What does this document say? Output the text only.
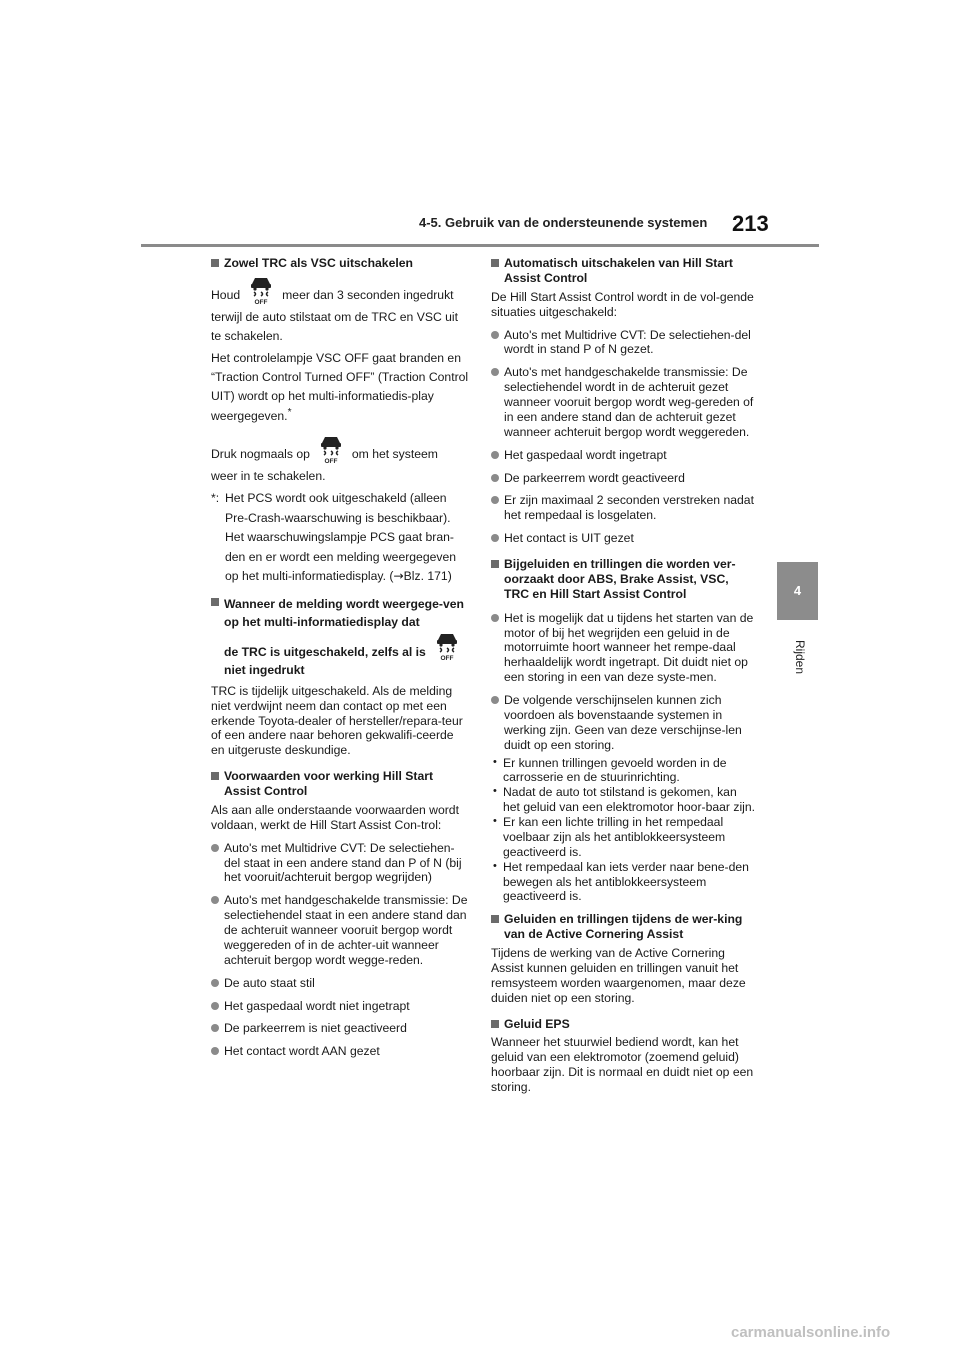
4-5. Gebruik van de ondersteunende systemen 213
4
Rijden
Zowel TRC als VSC uitschakelen
Houd
OFF
meer dan 3 seconden ingedrukt
terwijl de auto stilstaat om de TRC en VSC uit te schakelen.
Het controlelampje VSC OFF gaat branden en “Traction Control Turned OFF” (Traction Control UIT) wordt op het multi-informatiedis-play weergegeven.*
Druk nogmaals op
OFF
om het systeem
weer in te schakelen.
*: Het PCS wordt ook uitgeschakeld (alleen Pre-Crash-waarschuwing is beschikbaar). Het waarschuwingslampje PCS gaat bran-den en er wordt een melding weergegeven op het multi-informatiedisplay. (→Blz. 171)
Wanneer de melding wordt weergege-ven op het multi-informatiedisplay dat
de TRC is uitgeschakeld, zelfs al is OFF
niet ingedrukt
TRC is tijdelijk uitgeschakeld. Als de melding niet verdwijnt neem dan contact op met een erkende Toyota-dealer of hersteller/repara-teur of een andere naar behoren gekwalifi-ceerde en uitgeruste deskundige.
Voorwaarden voor werking Hill Start Assist Control
Als aan alle onderstaande voorwaarden wordt voldaan, werkt de Hill Start Assist Con-trol:
Auto's met Multidrive CVT: De selectiehen-del staat in een andere stand dan P of N (bij het vooruit/achteruit bergop wegrijden)
Auto's met handgeschakelde transmissie: De selectiehendel staat in een andere stand dan de achteruit wanneer vooruit bergop wordt weggereden of in de achter-uit wanneer achteruit bergop wordt wegge-reden.
De auto staat stil
Het gaspedaal wordt niet ingetrapt
De parkeerrem is niet geactiveerd
Het contact wordt AAN gezet
Automatisch uitschakelen van Hill Start Assist Control
De Hill Start Assist Control wordt in de vol-gende situaties uitgeschakeld:
Auto's met Multidrive CVT: De selectiehen-del wordt in stand P of N gezet.
Auto's met handgeschakelde transmissie: De selectiehendel wordt in de achteruit gezet wanneer vooruit bergop wordt weg-gereden of in een andere stand dan de achteruit gezet wanneer achteruit bergop wordt weggereden.
Het gaspedaal wordt ingetrapt
De parkeerrem wordt geactiveerd
Er zijn maximaal 2 seconden verstreken nadat het rempedaal is losgelaten.
Het contact is UIT gezet
Bijgeluiden en trillingen die worden ver-oorzaakt door ABS, Brake Assist, VSC, TRC en Hill Start Assist Control
Het is mogelijk dat u tijdens het starten van de motor of bij het wegrijden een geluid in de motorruimte hoort wanneer het rempe-daal herhaaldelijk wordt ingetrapt. Dit duidt niet op een storing in een van deze syste-men.
De volgende verschijnselen kunnen zich voordoen als bovenstaande systemen in werking zijn. Geen van deze verschijnse-len duidt op een storing.
• Er kunnen trillingen gevoeld worden in de carrosserie en de stuurinrichting.
• Nadat de auto tot stilstand is gekomen, kan het geluid van een elektromotor hoor-baar zijn.
• Er kan een lichte trilling in het rempedaal voelbaar zijn als het antiblokkeersysteem geactiveerd is.
• Het rempedaal kan iets verder naar bene-den bewegen als het antiblokkeersysteem geactiveerd is.
Geluiden en trillingen tijdens de wer-king van de Active Cornering Assist
Tijdens de werking van de Active Cornering Assist kunnen geluiden en trillingen vanuit het remsysteem worden waargenomen, maar deze duiden niet op een storing.
Geluid EPS
Wanneer het stuurwiel bediend wordt, kan het geluid van een elektromotor (zoemend geluid) hoorbaar zijn. Dit is normaal en duidt niet op een storing.
carmanualsonline.info
